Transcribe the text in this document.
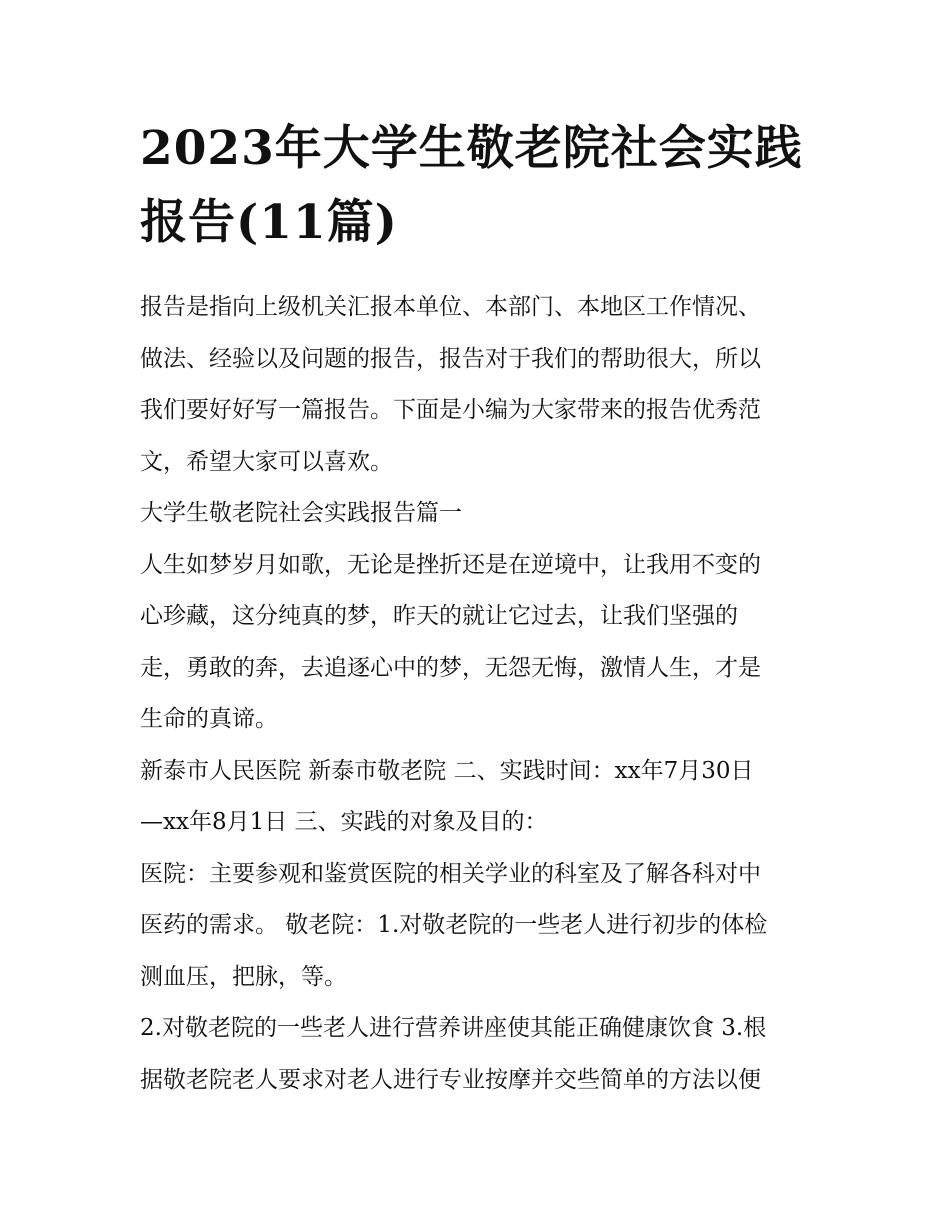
2023年大学生敬老院社会实践
报告(11篇)

报告是指向上级机关汇报本单位、本部门、本地区工作情况、
做法、经验以及问题的报告，报告对于我们的帮助很大，所以
我们要好好写一篇报告。下面是小编为大家带来的报告优秀范
文，希望大家可以喜欢。

大学生敬老院社会实践报告篇一

人生如梦岁月如歌，无论是挫折还是在逆境中，让我用不变的
心珍藏，这分纯真的梦，昨天的就让它过去，让我们坚强的
走，勇敢的奔，去追逐心中的梦，无怨无悔，激情人生，才是
生命的真谛。

新泰市人民医院 新泰市敬老院 二、实践时间：xx年7月30日
—xx年8月1日 三、实践的对象及目的：

医院：主要参观和鉴赏医院的相关学业的科室及了解各科对中
医药的需求。 敬老院：1.对敬老院的一些老人进行初步的体检
测血压，把脉，等。

2.对敬老院的一些老人进行营养讲座使其能正确健康饮食 3.根
据敬老院老人要求对老人进行专业按摩并交些简单的方法以便
